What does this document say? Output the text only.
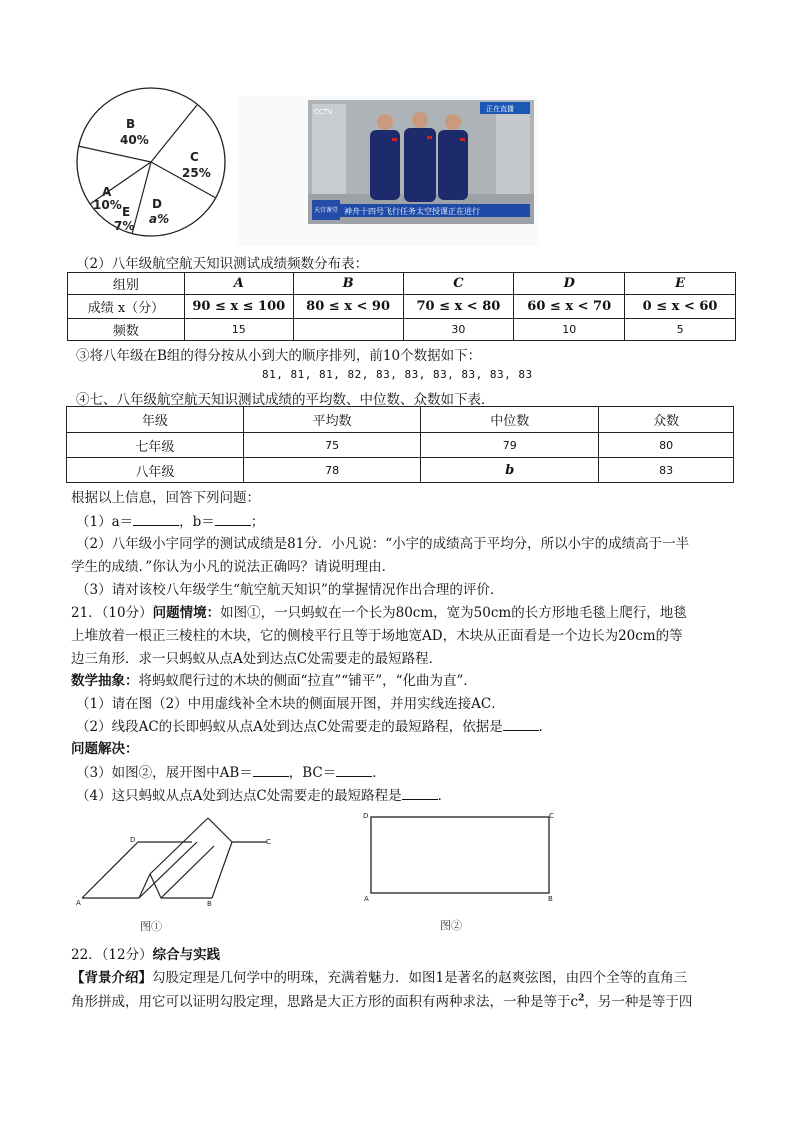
B
40%
C
25%
A
10% E
7%
D
a%
CCTV	正在直播
天宫课堂 神舟十四号飞行任务太空授课正在进行
（2）八年级航空航天知识测试成绩频数分布表：
组别	A	B	C	D	E
成绩 x（分）	90 ≤ x ≤ 100	80 ≤ x < 90	70 ≤ x < 80	60 ≤ x < 70	0 ≤ x < 60
频数	15		30	10	5
③将八年级在B组的得分按从小到大的顺序排列，前10个数据如下：
81, 81, 81, 82, 83, 83, 83, 83, 83, 83
④七、八年级航空航天知识测试成绩的平均数、中位数、众数如下表．
年级	平均数	中位数	众数
七年级	75	79	80
八年级	78	b	83
根据以上信息，回答下列问题：
（1）a＝	，b＝	；
（2）八年级小宇同学的测试成绩是81分．小凡说：“小宇的成绩高于平均分，所以小宇的成绩高于一半
学生的成绩．”你认为小凡的说法正确吗？请说明理由．
（3）请对该校八年级学生“航空航天知识”的掌握情况作出合理的评价．
21．（10分）问题情境：如图①，一只蚂蚁在一个长为80cm，宽为50cm的长方形地毛毯上爬行，地毯
上堆放着一根正三棱柱的木块，它的侧棱平行且等于场地宽AD，木块从正面看是一个边长为20cm的等
边三角形．求一只蚂蚁从点A处到达点C处需要走的最短路程．
数学抽象：将蚂蚁爬行过的木块的侧面“拉直”“铺平”，“化曲为直”．
（1）请在图（2）中用虚线补全木块的侧面展开图，并用实线连接AC．
（2）线段AC的长即蚂蚁从点A处到达点C处需要走的最短路程，依据是	．
问题解决：
（3）如图②，展开图中AB＝	，BC＝	．
（4）这只蚂蚁从点A处到达点C处需要走的最短路程是	．
D	C
A	B
图①
D	C
A	B
图②
22．（12分）综合与实践
【背景介绍】勾股定理是几何学中的明珠，充满着魅力．如图1是著名的赵爽弦图，由四个全等的直角三
角形拼成，用它可以证明勾股定理，思路是大正方形的面积有两种求法，一种是等于$c^2$，另一种是等于四
